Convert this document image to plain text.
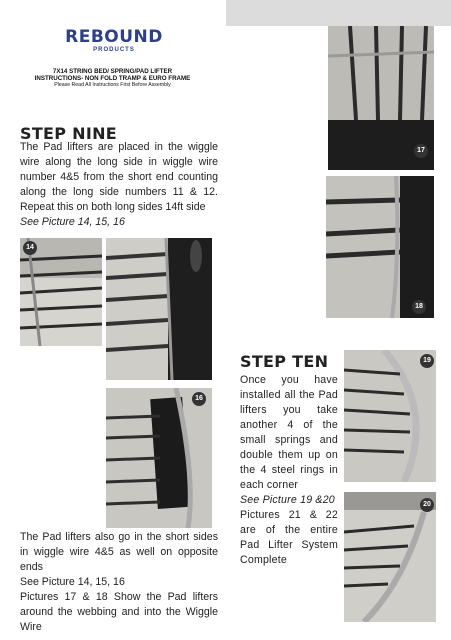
REBOUND
PRODUCTS
7X14 STRING BED/ SPRING/PAD LIFTER
INSTRUCTIONS- NON FOLD TRAMP & EURO FRAME
Please Read All Instructions First Before Assembly
STEP NINE
The Pad lifters are placed in the wiggle wire along the long side in wiggle wire number 4&5 from the short end counting along the long side numbers 11 & 12. Repeat this on both long sides 14ft side
See Picture 14, 15, 16
14
16
The Pad lifters also go in the short sides in wiggle wire 4&5 as well on opposite ends
See Picture 14, 15, 16
Pictures 17 & 18 Show the Pad lifters around the webbing and into the Wiggle Wire
17
18
STEP TEN
Once you have installed all the Pad lifters you take another 4 of the small springs and double them up on the 4 steel rings in each corner
See Picture 19 &20
Pictures 21 & 22 are of the entire Pad Lifter System Complete
19
20
